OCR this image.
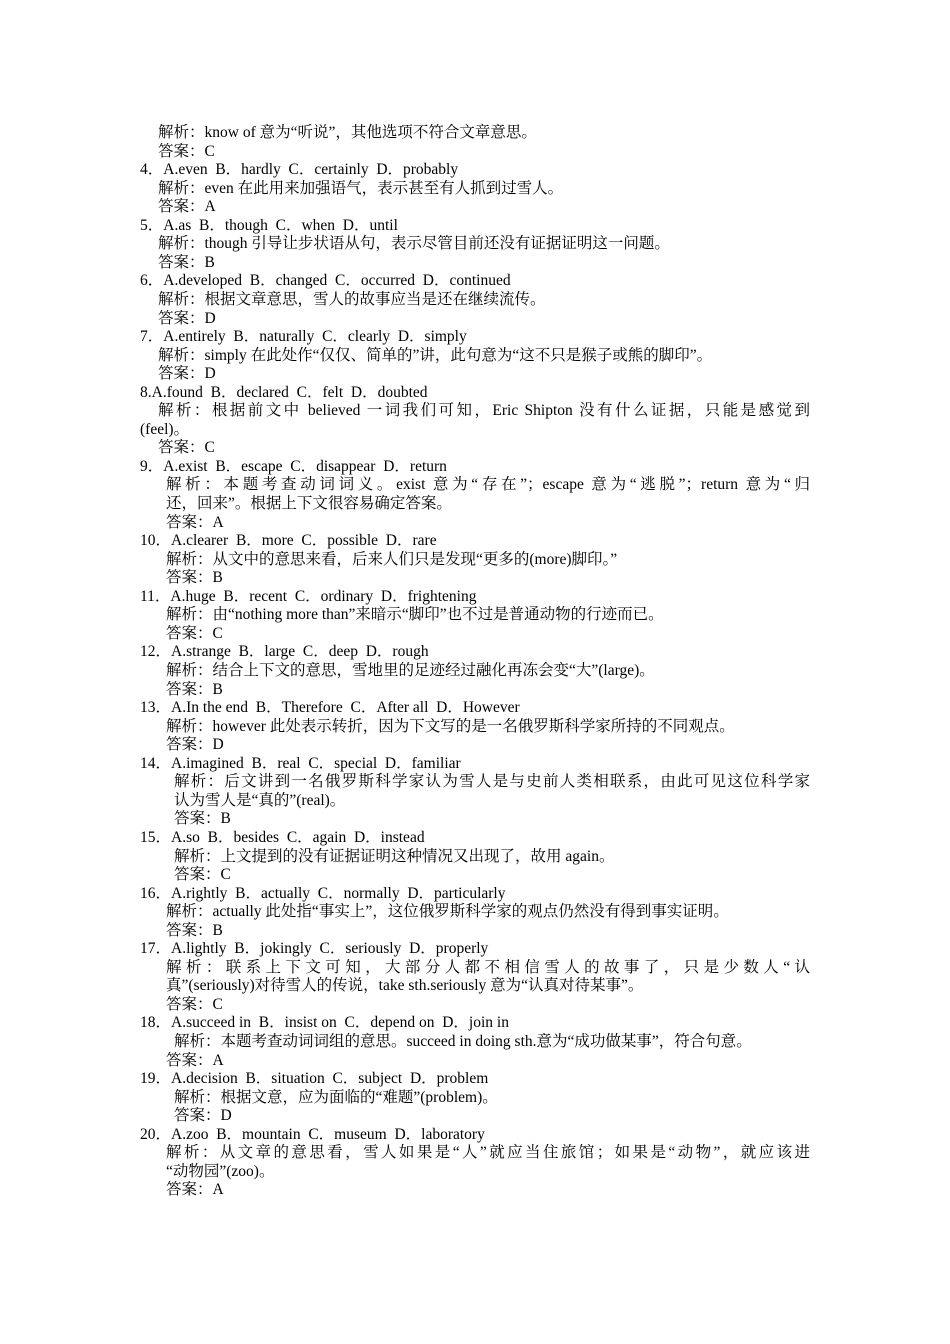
解析：know of 意为“听说”，其他选项不符合文章意思。
答案：C
4．A.even  B．hardly  C．certainly  D．probably
解析：even 在此用来加强语气，表示甚至有人抓到过雪人。
答案：A
5．A.as  B．though  C．when  D．until
解析：though 引导让步状语从句，表示尽管目前还没有证据证明这一问题。
答案：B
6．A.developed  B．changed  C．occurred  D．continued
解析：根据文章意思，雪人的故事应当是还在继续流传。
答案：D
7．A.entirely  B．naturally  C．clearly  D．simply
解析：simply 在此处作“仅仅、简单的”讲，此句意为“这不只是猴子或熊的脚印”。
答案：D
8.A.found  B．declared  C．felt  D．doubted
解析：根据前文中 believed 一词我们可知，Eric Shipton 没有什么证据，只能是感觉到
(feel)。
答案：C
9．A.exist  B．escape  C．disappear  D．return
解析：本题考查动词词义。exist 意为“存在”；escape 意为“逃脱”；return 意为“归
还，回来”。根据上下文很容易确定答案。
答案：A
10．A.clearer  B．more  C．possible  D．rare
解析：从文中的意思来看，后来人们只是发现“更多的(more)脚印。”
答案：B
11．A.huge  B．recent  C．ordinary  D．frightening
解析：由“nothing more than”来暗示“脚印”也不过是普通动物的行迹而已。
答案：C
12．A.strange  B．large  C．deep  D．rough
解析：结合上下文的意思，雪地里的足迹经过融化再冻会变“大”(large)。
答案：B
13．A.In the end  B．Therefore  C．After all  D．However
解析：however 此处表示转折，因为下文写的是一名俄罗斯科学家所持的不同观点。
答案：D
14．A.imagined  B．real  C．special  D．familiar
解析：后文讲到一名俄罗斯科学家认为雪人是与史前人类相联系，由此可见这位科学家
认为雪人是“真的”(real)。
答案：B
15．A.so  B．besides  C．again  D．instead
解析：上文提到的没有证据证明这种情况又出现了，故用 again。
答案：C
16．A.rightly  B．actually  C．normally  D．particularly
解析：actually 此处指“事实上”，这位俄罗斯科学家的观点仍然没有得到事实证明。
答案：B
17．A.lightly  B．jokingly  C．seriously  D．properly
解析：联系上下文可知，大部分人都不相信雪人的故事了，只是少数人“认
真”(seriously)对待雪人的传说，take sth.seriously 意为“认真对待某事”。
答案：C
18．A.succeed in  B．insist on  C．depend on  D．join in
解析：本题考查动词词组的意思。succeed in doing sth.意为“成功做某事”，符合句意。
答案：A
19．A.decision  B．situation  C．subject  D．problem
解析：根据文意，应为面临的“难题”(problem)。
答案：D
20．A.zoo  B．mountain  C．museum  D．laboratory
解析：从文章的意思看，雪人如果是“人”就应当住旅馆；如果是“动物”，就应该进
“动物园”(zoo)。
答案：A
